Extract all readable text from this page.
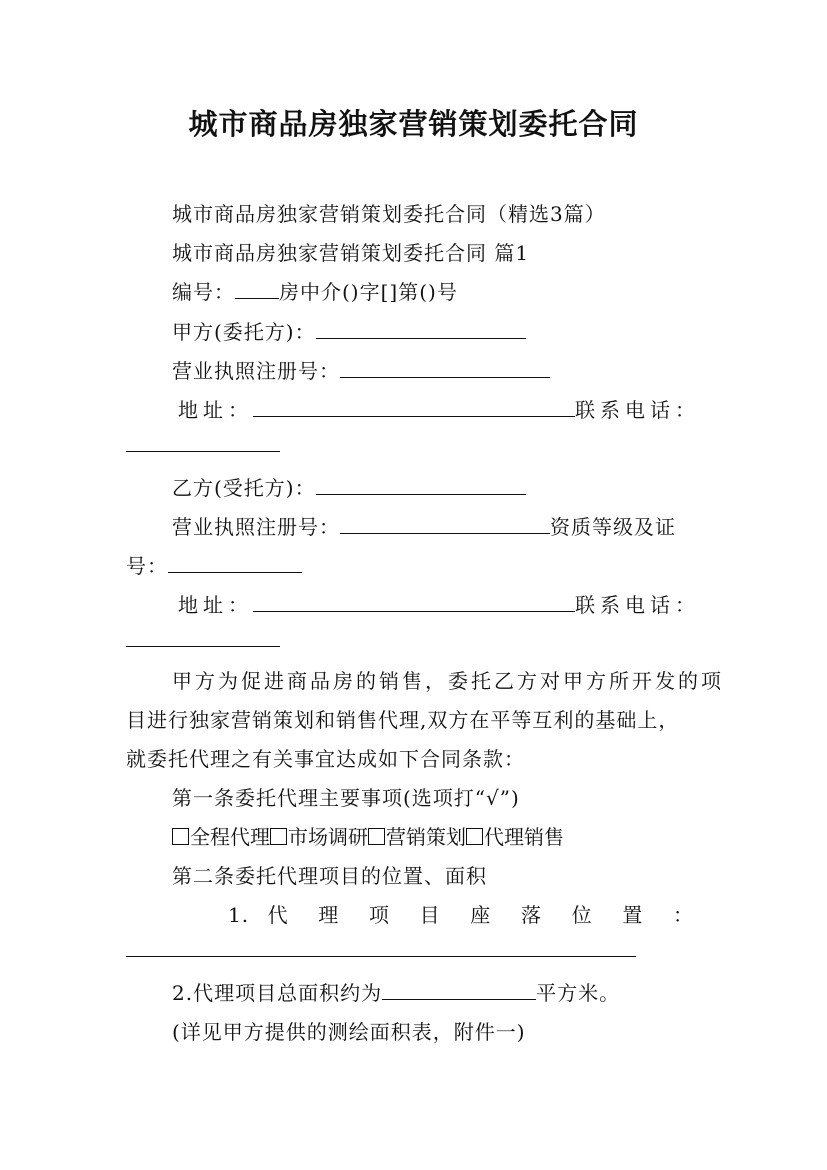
城市商品房独家营销策划委托合同
城市商品房独家营销策划委托合同（精选3篇）
城市商品房独家营销策划委托合同 篇1
编号： 房中介()字[]第()号
甲方(委托方)：
营业执照注册号：
地址：	联系电话：
乙方(受托方)：
营业执照注册号：	资质等级及证
号：
地址：	联系电话：
甲方为促进商品房的销售，委托乙方对甲方所开发的项
目进行独家营销策划和销售代理,双方在平等互利的基础上，
就委托代理之有关事宜达成如下合同条款：
第一条委托代理主要事项(选项打“√”)
全程代理 市场调研 营销策划 代理销售
第二条委托代理项目的位置、面积
1. 代 理 项 目 座 落 位 置 ：
2.代理项目总面积约为	平方米。
(详见甲方提供的测绘面积表，附件一)
